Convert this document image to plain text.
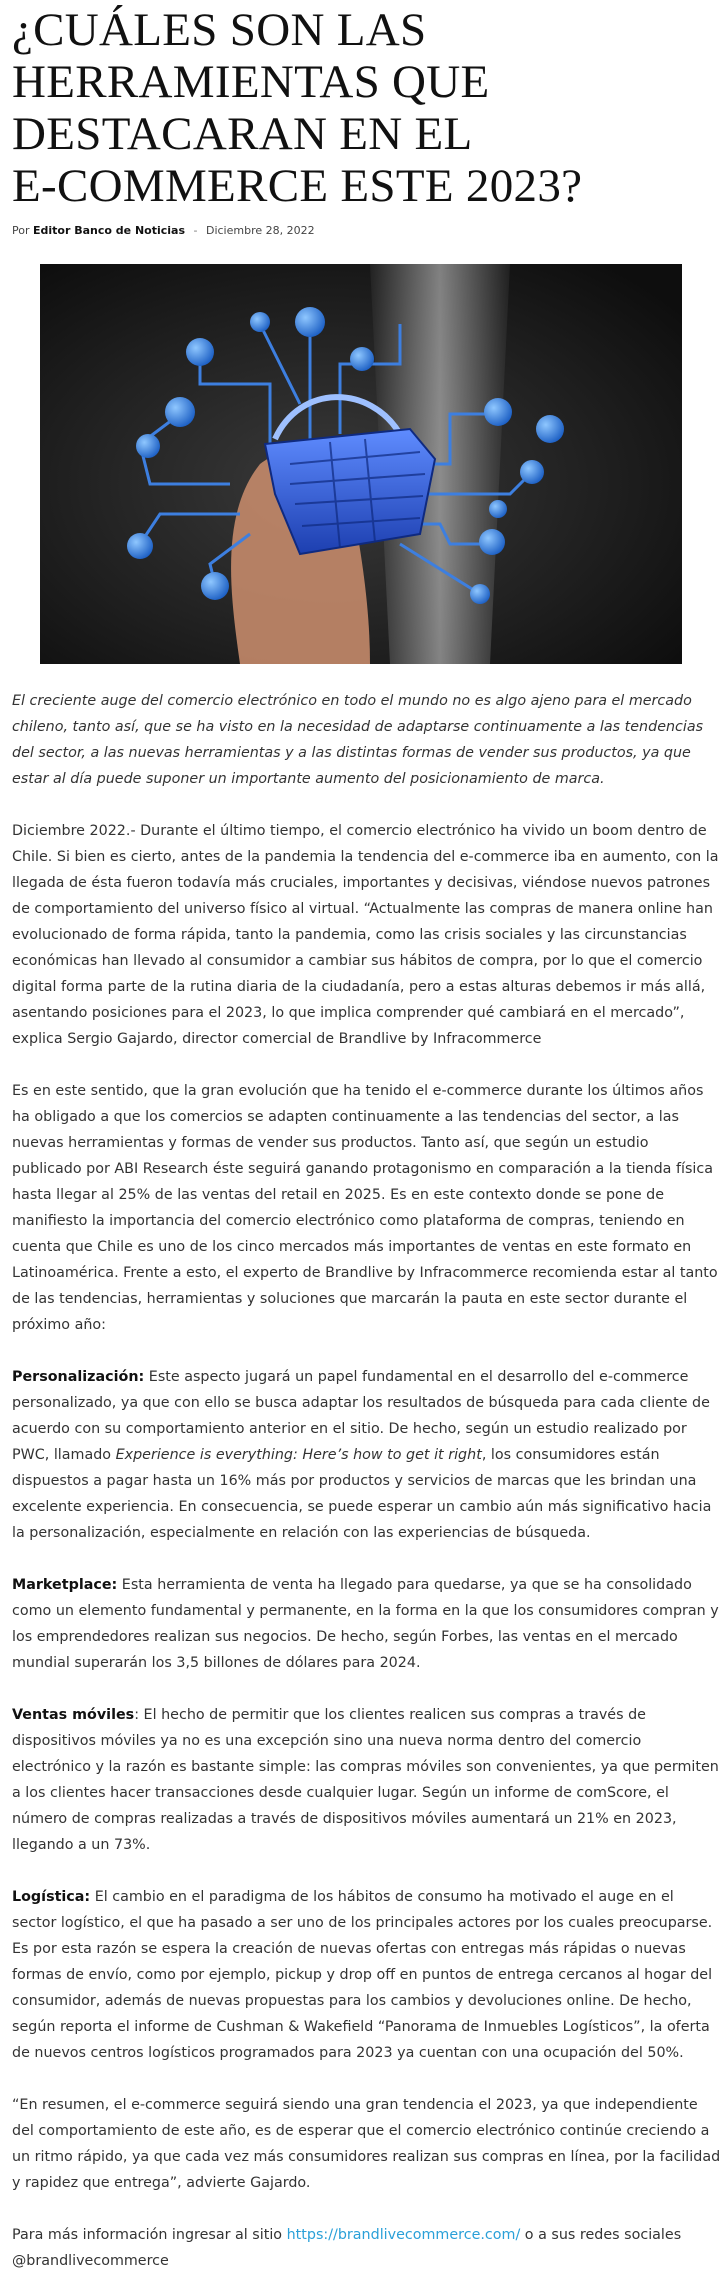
¿CUÁLES SON LAS
HERRAMIENTAS QUE
DESTACARAN EN EL
E-COMMERCE ESTE 2023?
Por Editor Banco de Noticias - Diciembre 28, 2022

El creciente auge del comercio electrónico en todo el mundo no es algo ajeno para el mercado chileno, tanto así, que se ha visto en la necesidad de adaptarse continuamente a las tendencias del sector, a las nuevas herramientas y a las distintas formas de vender sus productos, ya que estar al día puede suponer un importante aumento del posicionamiento de marca.

Diciembre 2022.- Durante el último tiempo, el comercio electrónico ha vivido un boom dentro de Chile. Si bien es cierto, antes de la pandemia la tendencia del e-commerce iba en aumento, con la llegada de ésta fueron todavía más cruciales, importantes y decisivas, viéndose nuevos patrones de comportamiento del universo físico al virtual. “Actualmente las compras de manera online han evolucionado de forma rápida, tanto la pandemia, como las crisis sociales y las circunstancias económicas han llevado al consumidor a cambiar sus hábitos de compra, por lo que el comercio digital forma parte de la rutina diaria de la ciudadanía, pero a estas alturas debemos ir más allá, asentando posiciones para el 2023, lo que implica comprender qué cambiará en el mercado”, explica Sergio Gajardo, director comercial de Brandlive by Infracommerce

Es en este sentido, que la gran evolución que ha tenido el e-commerce durante los últimos años ha obligado a que los comercios se adapten continuamente a las tendencias del sector, a las nuevas herramientas y formas de vender sus productos. Tanto así, que según un estudio publicado por ABI Research éste seguirá ganando protagonismo en comparación a la tienda física hasta llegar al 25% de las ventas del retail en 2025. Es en este contexto donde se pone de manifiesto la importancia del comercio electrónico como plataforma de compras, teniendo en cuenta que Chile es uno de los cinco mercados más importantes de ventas en este formato en Latinoamérica. Frente a esto, el experto de Brandlive by Infracommerce recomienda estar al tanto de las tendencias, herramientas y soluciones que marcarán la pauta en este sector durante el próximo año:

Personalización: Este aspecto jugará un papel fundamental en el desarrollo del e-commerce personalizado, ya que con ello se busca adaptar los resultados de búsqueda para cada cliente de acuerdo con su comportamiento anterior en el sitio. De hecho, según un estudio realizado por PWC, llamado Experience is everything: Here’s how to get it right, los consumidores están dispuestos a pagar hasta un 16% más por productos y servicios de marcas que les brindan una excelente experiencia. En consecuencia, se puede esperar un cambio aún más significativo hacia la personalización, especialmente en relación con las experiencias de búsqueda.

Marketplace: Esta herramienta de venta ha llegado para quedarse, ya que se ha consolidado como un elemento fundamental y permanente, en la forma en la que los consumidores compran y los emprendedores realizan sus negocios. De hecho, según Forbes, las ventas en el mercado mundial superarán los 3,5 billones de dólares para 2024.

Ventas móviles: El hecho de permitir que los clientes realicen sus compras a través de dispositivos móviles ya no es una excepción sino una nueva norma dentro del comercio electrónico y la razón es bastante simple: las compras móviles son convenientes, ya que permiten a los clientes hacer transacciones desde cualquier lugar. Según un informe de comScore, el número de compras realizadas a través de dispositivos móviles aumentará un 21% en 2023, llegando a un 73%.

Logística: El cambio en el paradigma de los hábitos de consumo ha motivado el auge en el sector logístico, el que ha pasado a ser uno de los principales actores por los cuales preocuparse. Es por esta razón se espera la creación de nuevas ofertas con entregas más rápidas o nuevas formas de envío, como por ejemplo, pickup y drop off en puntos de entrega cercanos al hogar del consumidor, además de nuevas propuestas para los cambios y devoluciones online. De hecho, según reporta el informe de Cushman & Wakefield “Panorama de Inmuebles Logísticos”, la oferta de nuevos centros logísticos programados para 2023 ya cuentan con una ocupación del 50%.

“En resumen, el e-commerce seguirá siendo una gran tendencia el 2023, ya que independiente del comportamiento de este año, es de esperar que el comercio electrónico continúe creciendo a un ritmo rápido, ya que cada vez más consumidores realizan sus compras en línea, por la facilidad y rapidez que entrega”, advierte Gajardo.

Para más información ingresar al sitio https://brandlivecommerce.com/ o a sus redes sociales @brandlivecommerce
